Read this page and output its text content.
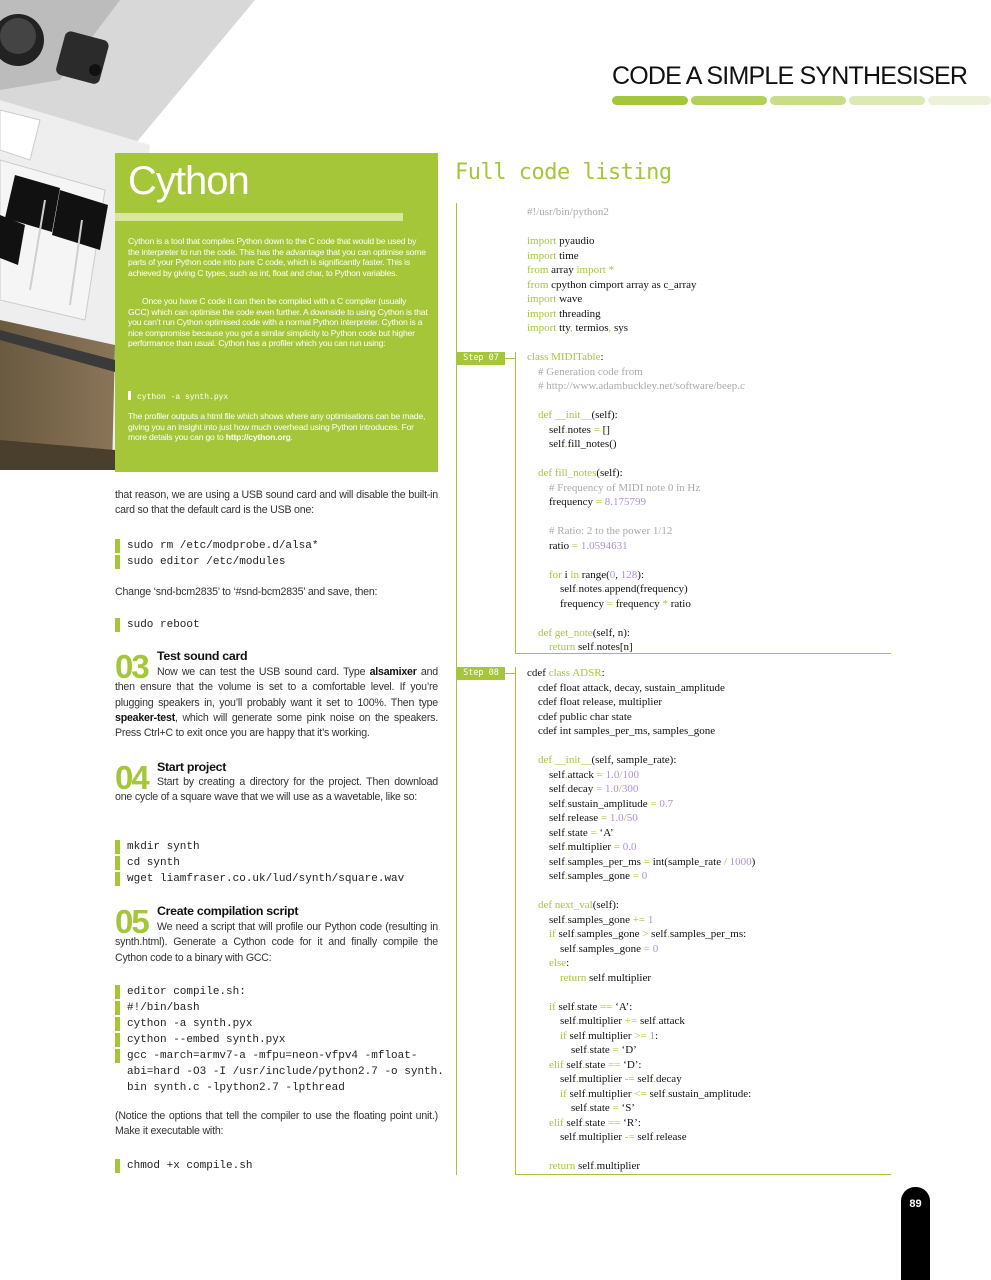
CODE A SIMPLE SYNTHESISER
Cython
Cython is a tool that compiles Python down to the C code that would be used by the interpreter to run the code. This has the advantage that you can optimise some parts of your Python code into pure C code, which is significantly faster. This is achieved by giving C types, such as int, float and char, to Python variables.
Once you have C code it can then be compiled with a C compiler (usually GCC) which can optimise the code even further. A downside to using Cython is that you can’t run Cython optimised code with a normal Python interpreter. Cython is a nice compromise because you get a similar simplicity to Python code but higher performance than usual. Cython has a profiler which you can run using:
cython -a synth.pyx
The profiler outputs a html file which shows where any optimisations can be made, giving you an insight into just how much overhead using Python introduces. For more details you can go to http://cython.org.
that reason, we are using a USB sound card and will disable the built-in card so that the default card is the USB one:
sudo rm /etc/modprobe.d/alsa*
sudo editor /etc/modules
Change ‘snd-bcm2835’ to ‘#snd-bcm2835’ and save, then:
sudo reboot
03 Test sound card
Now we can test the USB sound card. Type alsamixer and then ensure that the volume is set to a comfortable level. If you’re plugging speakers in, you’ll probably want it set to 100%. Then type speaker-test, which will generate some pink noise on the speakers. Press Ctrl+C to exit once you are happy that it’s working.
04 Start project
Start by creating a directory for the project. Then download one cycle of a square wave that we will use as a wavetable, like so:
mkdir synth
cd synth
wget liamfraser.co.uk/lud/synth/square.wav
05 Create compilation script
We need a script that will profile our Python code (resulting in synth.html). Generate a Cython code for it and finally compile the Cython code to a binary with GCC:
editor compile.sh:
#!/bin/bash
cython -a synth.pyx
cython --embed synth.pyx
gcc -march=armv7-a -mfpu=neon-vfpv4 -mfloat-
abi=hard -O3 -I /usr/include/python2.7 -o synth.
bin synth.c -lpython2.7 -lpthread
(Notice the options that tell the compiler to use the floating point unit.) Make it executable with:
chmod +x compile.sh
Full code listing
Step 07
Step 08
#!/usr/bin/python2

import pyaudio
import time
from array import *
from cpython cimport array as c_array
import wave
import threading
import tty, termios, sys
class MIDITable:
# Generation code from
# http://www.adambuckley.net/software/beep.c

def __init__(self):
self.notes = []
self.fill_notes()

def fill_notes(self):
# Frequency of MIDI note 0 in Hz
frequency = 8.175799

# Ratio: 2 to the power 1/12
ratio = 1.0594631

for i in range(0, 128):
self.notes.append(frequency)
frequency = frequency * ratio

def get_note(self, n):
return self.notes[n]
cdef class ADSR:
cdef float attack, decay, sustain_amplitude
cdef float release, multiplier
cdef public char state
cdef int samples_per_ms, samples_gone

def __init__(self, sample_rate):
self.attack = 1.0/100
self.decay = 1.0/300
self.sustain_amplitude = 0.7
self.release = 1.0/50
self.state = ‘A’
self.multiplier = 0.0
self.samples_per_ms = int(sample_rate / 1000)
self.samples_gone = 0

def next_val(self):
self.samples_gone += 1
if self.samples_gone > self.samples_per_ms:
self.samples_gone = 0
else:
return self.multiplier

if self.state == ‘A’:
self.multiplier += self.attack
if self.multiplier >= 1:
self.state = ‘D’
elif self.state == ‘D’:
self.multiplier -= self.decay
if self.multiplier <= self.sustain_amplitude:
self.state = ‘S’
elif self.state == ‘R’:
self.multiplier -= self.release

return self.multiplier
89
